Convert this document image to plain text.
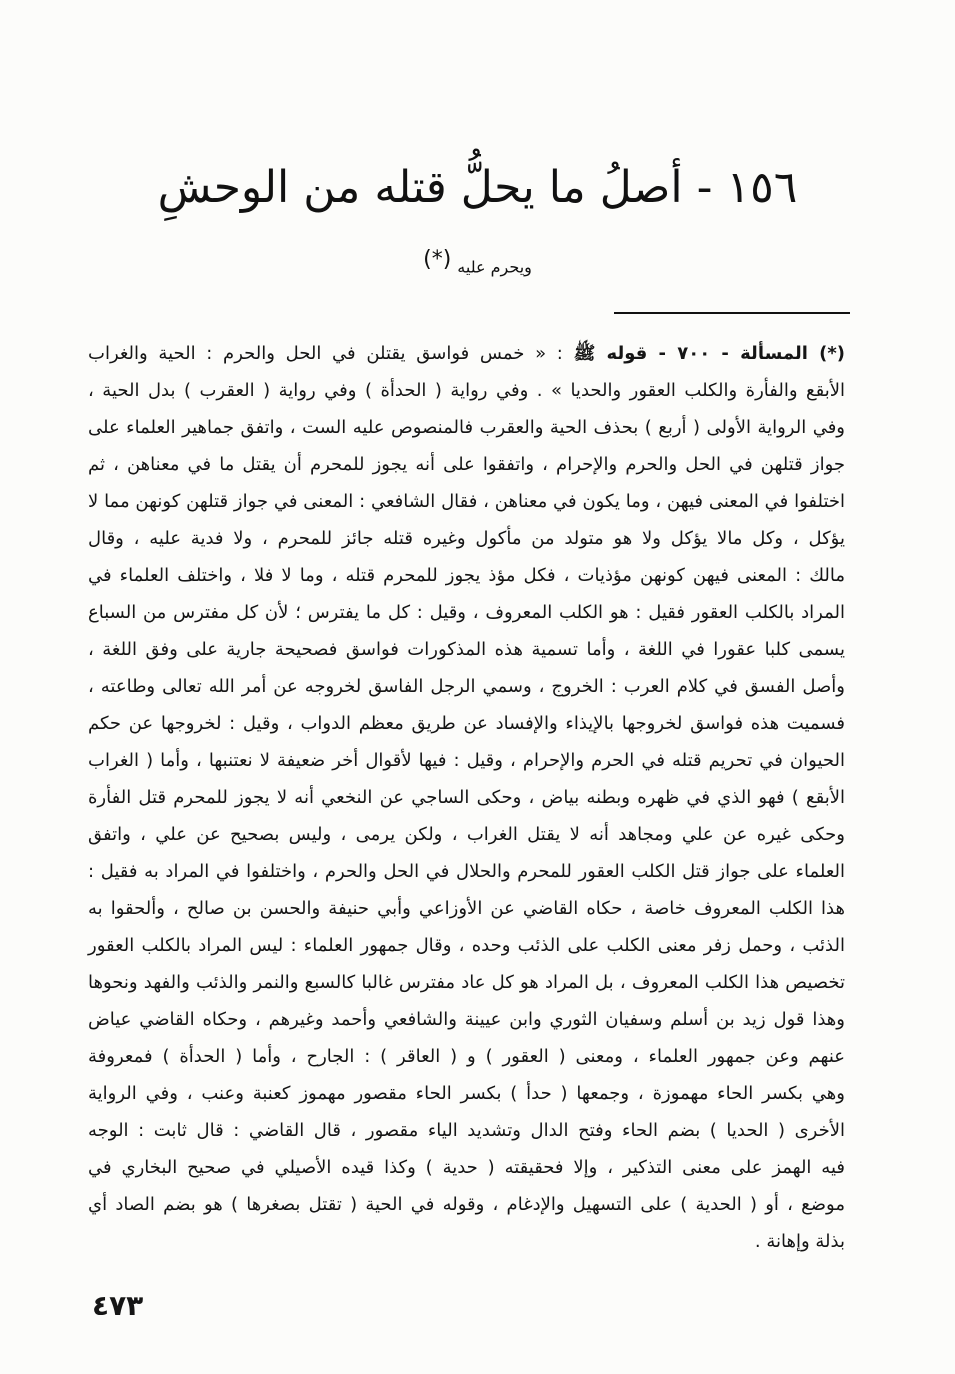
١٥٦ - أصلُ ما يحلُّ قتله من الوحشِ
ويحرم عليه(*)
(*) المسألة - ٧٠٠ - قوله ﷺ : « خمس فواسق يقتلن في الحل والحرم : الحية والغراب
الأبقع والفأرة والكلب العقور والحديا » . وفي رواية ( الحدأة ) وفي رواية ( العقرب ) بدل الحية ،
وفي الرواية الأولى ( أربع ) بحذف الحية والعقرب فالمنصوص عليه الست ، واتفق جماهير العلماء على
جواز قتلهن في الحل والحرم والإحرام ، واتفقوا على أنه يجوز للمحرم أن يقتل ما في معناهن ، ثم
اختلفوا في المعنى فيهن ، وما يكون في معناهن ، فقال الشافعي : المعنى في جواز قتلهن كونهن مما لا
يؤكل ، وكل مالا يؤكل ولا هو متولد من مأكول وغيره قتله جائز للمحرم ، ولا فدية عليه ، وقال
مالك : المعنى فيهن كونهن مؤذيات ، فكل مؤذ يجوز للمحرم قتله ، وما لا فلا ، واختلف العلماء في
المراد بالكلب العقور فقيل : هو الكلب المعروف ، وقيل : كل ما يفترس ؛ لأن كل مفترس من السباع
يسمى كلبا عقورا في اللغة ، وأما تسمية هذه المذكورات فواسق فصحيحة جارية على وفق اللغة ،
وأصل الفسق في كلام العرب : الخروج ، وسمي الرجل الفاسق لخروجه عن أمر الله تعالى وطاعته ،
فسميت هذه فواسق لخروجها بالإيذاء والإفساد عن طريق معظم الدواب ، وقيل : لخروجها عن حكم
الحيوان في تحريم قتله في الحرم والإحرام ، وقيل : فيها لأقوال أخر ضعيفة لا نعتنبها ، وأما ( الغراب
الأبقع ) فهو الذي في ظهره وبطنه بياض ، وحكى الساجي عن النخعي أنه لا يجوز للمحرم قتل الفأرة
وحكى غيره عن علي ومجاهد أنه لا يقتل الغراب ، ولكن يرمى ، وليس بصحيح عن علي ، واتفق
العلماء على جواز قتل الكلب العقور للمحرم والحلال في الحل والحرم ، واختلفوا في المراد به فقيل :
هذا الكلب المعروف خاصة ، حكاه القاضي عن الأوزاعي وأبي حنيفة والحسن بن صالح ، وألحقوا به
الذئب ، وحمل زفر معنى الكلب على الذئب وحده ، وقال جمهور العلماء : ليس المراد بالكلب العقور
تخصيص هذا الكلب المعروف ، بل المراد هو كل عاد مفترس غالبا كالسبع والنمر والذئب والفهد ونحوها
وهذا قول زيد بن أسلم وسفيان الثوري وابن عيينة والشافعي وأحمد وغيرهم ، وحكاه القاضي عياض
عنهم وعن جمهور العلماء ، ومعنى ( العقور ) و ( العاقر ) : الجارح ، وأما ( الحدأة ) فمعروفة
وهي بكسر الحاء مهموزة ، وجمعها ( حدأ ) بكسر الحاء مقصور مهموز كعنبة وعنب ، وفي الرواية
الأخرى ( الحديا ) بضم الحاء وفتح الدال وتشديد الياء مقصور ، قال القاضي : قال ثابت : الوجه
فيه الهمز على معنى التذكير ، وإلا فحقيقته ( حدية ) وكذا قيده الأصيلي في صحيح البخاري في
موضع ، أو ( الحدية ) على التسهيل والإدغام ، وقوله في الحية ( تقتل بصغرها ) هو بضم الصاد أي
بذلة وإهانة .
٤٧٣
